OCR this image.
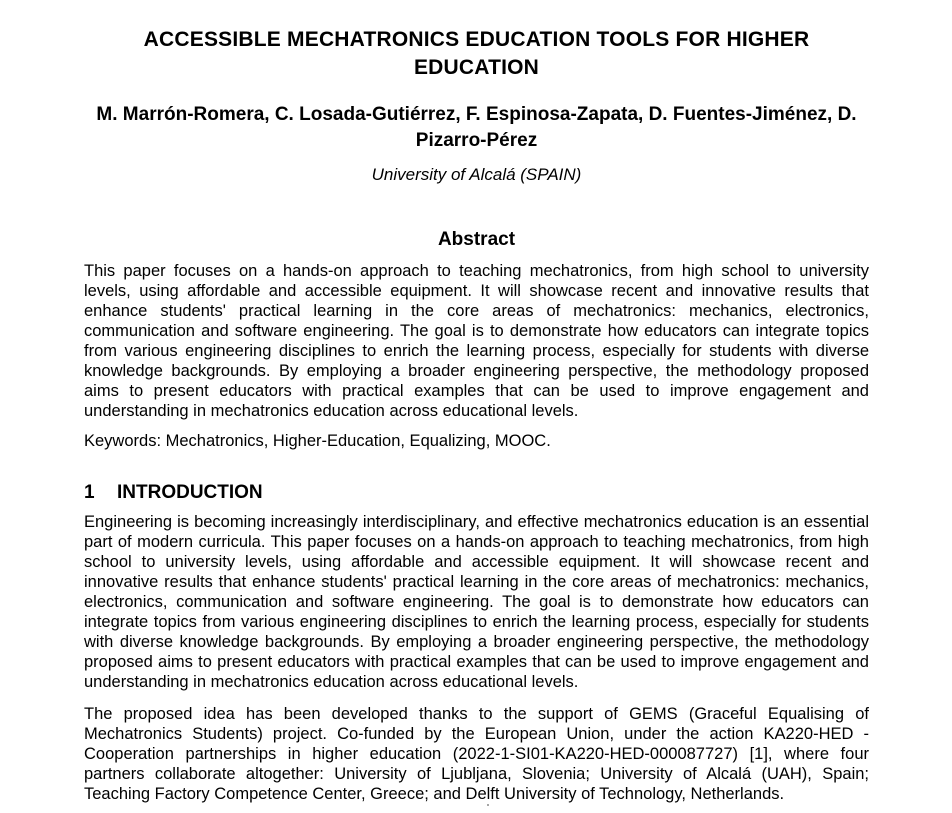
ACCESSIBLE MECHATRONICS EDUCATION TOOLS FOR HIGHER EDUCATION
M. Marrón-Romera, C. Losada-Gutiérrez, F. Espinosa-Zapata, D. Fuentes-Jiménez, D. Pizarro-Pérez
University of Alcalá (SPAIN)
Abstract

This paper focuses on a hands-on approach to teaching mechatronics, from high school to university levels, using affordable and accessible equipment. It will showcase recent and innovative results that enhance students' practical learning in the core areas of mechatronics: mechanics, electronics, communication and software engineering. The goal is to demonstrate how educators can integrate topics from various engineering disciplines to enrich the learning process, especially for students with diverse knowledge backgrounds. By employing a broader engineering perspective, the methodology proposed aims to present educators with practical examples that can be used to improve engagement and understanding in mechatronics education across educational levels.

Keywords: Mechatronics, Higher-Education, Equalizing, MOOC.

1 INTRODUCTION

Engineering is becoming increasingly interdisciplinary, and effective mechatronics education is an essential part of modern curricula. This paper focuses on a hands-on approach to teaching mechatronics, from high school to university levels, using affordable and accessible equipment. It will showcase recent and innovative results that enhance students' practical learning in the core areas of mechatronics: mechanics, electronics, communication and software engineering. The goal is to demonstrate how educators can integrate topics from various engineering disciplines to enrich the learning process, especially for students with diverse knowledge backgrounds. By employing a broader engineering perspective, the methodology proposed aims to present educators with practical examples that can be used to improve engagement and understanding in mechatronics education across educational levels.

The proposed idea has been developed thanks to the support of GEMS (Graceful Equalising of Mechatronics Students) project. Co-funded by the European Union, under the action KA220-HED - Cooperation partnerships in higher education (2022-1-SI01-KA220-HED-000087727) [1], where four partners collaborate altogether: University of Ljubljana, Slovenia; University of Alcalá (UAH), Spain; Teaching Factory Competence Center, Greece; and Delft University of Technology, Netherlands.
